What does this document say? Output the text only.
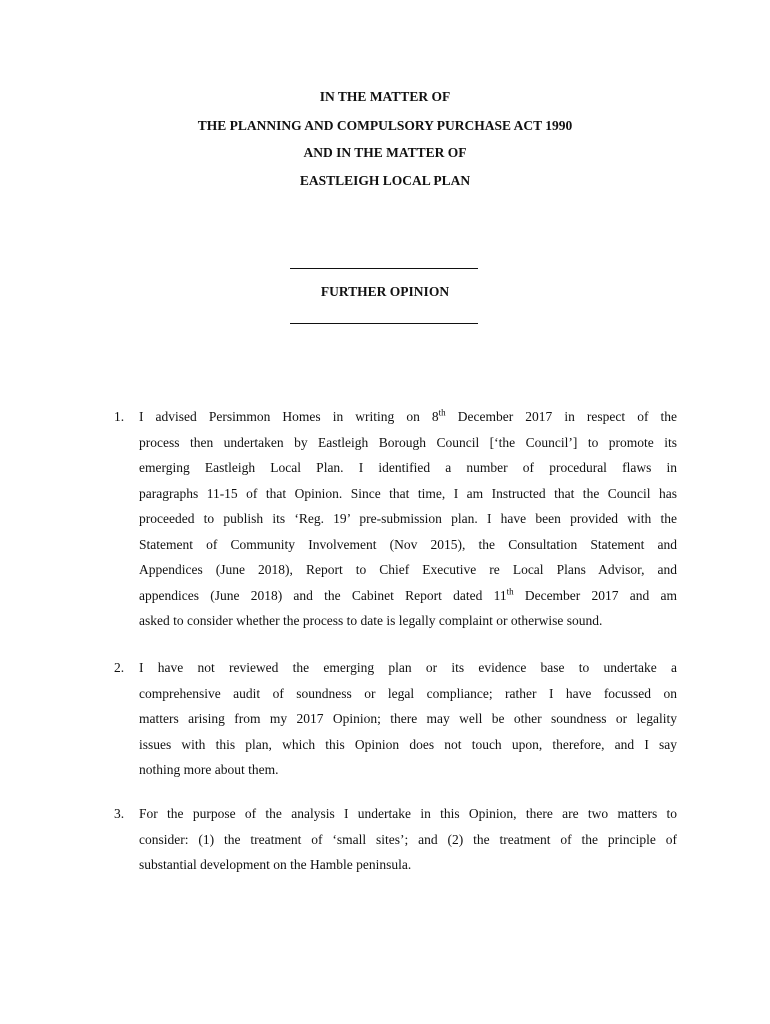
IN THE MATTER OF
THE PLANNING AND COMPULSORY PURCHASE ACT 1990
AND IN THE MATTER OF
EASTLEIGH LOCAL PLAN
FURTHER OPINION
1. I advised Persimmon Homes in writing on 8th December 2017 in respect of the
process then undertaken by Eastleigh Borough Council [‘the Council’] to promote its
emerging Eastleigh Local Plan. I identified a number of procedural flaws in
paragraphs 11-15 of that Opinion. Since that time, I am Instructed that the Council has
proceeded to publish its ‘Reg. 19’ pre-submission plan. I have been provided with the
Statement of Community Involvement (Nov 2015), the Consultation Statement and
Appendices (June 2018), Report to Chief Executive re Local Plans Advisor, and
appendices (June 2018) and the Cabinet Report dated 11th December 2017 and am
asked to consider whether the process to date is legally complaint or otherwise sound.
2. I have not reviewed the emerging plan or its evidence base to undertake a
comprehensive audit of soundness or legal compliance; rather I have focussed on
matters arising from my 2017 Opinion; there may well be other soundness or legality
issues with this plan, which this Opinion does not touch upon, therefore, and I say
nothing more about them.
3. For the purpose of the analysis I undertake in this Opinion, there are two matters to
consider: (1) the treatment of ‘small sites’; and (2) the treatment of the principle of
substantial development on the Hamble peninsula.
